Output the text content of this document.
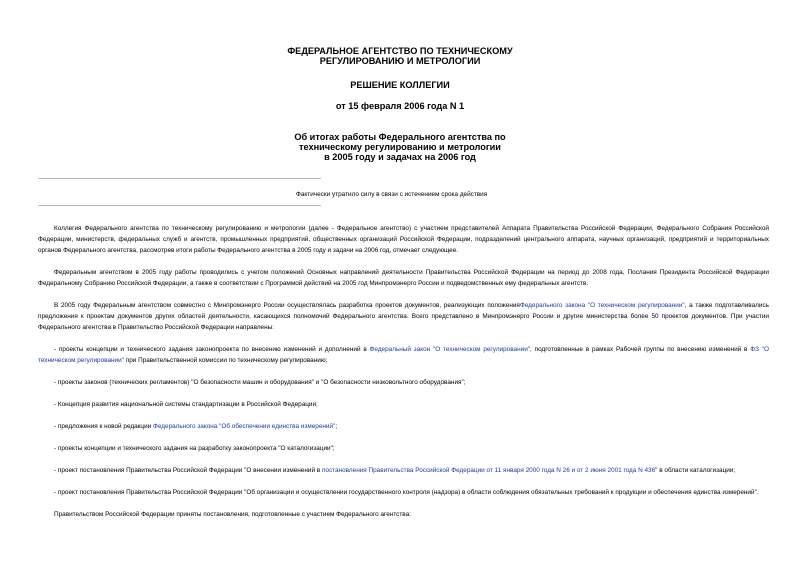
ФЕДЕРАЛЬНОЕ АГЕНТСТВО ПО ТЕХНИЧЕСКОМУ
РЕГУЛИРОВАНИЮ И МЕТРОЛОГИИ
РЕШЕНИЕ КОЛЛЕГИИ
от 15 февраля 2006 года N 1
Об итогах работы Федерального агентства по
техническому регулированию и метрологии
в 2005 году и задачах на 2006 год
Фактически утратило силу в связи с истечением срока действия

Коллегия Федерального агентства по техническому регулированию и метрологии (далее - Федеральное агентство) с участием представителей Аппарата Правительства Российской Федерации, Федерального Собрания Российской Федерации, министерств, федеральных служб и агентств, промышленных предприятий, общественных организаций Российской Федерации, подразделений центрального аппарата, научных организаций, предприятий и территориальных органов Федерального агентства, рассмотрев итоги работы Федерального агентства в 2005 году и задачи на 2006 год, отмечает следующее.

Федеральным агентством в 2005 году работы проводились с учетом положений Основных направлений деятельности Правительства Российской Федерации на период до 2008 года, Послания Президента Российской Федерации Федеральному Собранию Российской Федерации, а также в соответствии с Программой действий на 2005 год Минпромэнерго России и подведомственных ему федеральных агентств.

В 2005 году Федеральным агентством совместно с Минпромэнерго России осуществлялась разработка проектов документов, реализующих положенияФедерального закона "О техническом регулировании", а также подготавливались предложения к проектам документов других областей деятельности, касающихся полномочий Федерального агентства. Всего представлено в Минпромэнерго России и другие министерства более 50 проектов документов. При участии Федерального агентства в Правительство Российской Федерации направлены:

- проекты концепции и технического задания законопроекта по внесению изменений и дополнений в Федеральный закон "О техническом регулировании", подготовленные в рамках Рабочей группы по внесению изменений в ФЗ "О техническом регулировании" при Правительственной комиссии по техническому регулированию;

- проекты законов (технических регламентов) "О безопасности машин и оборудования" и "О безопасности низковольтного оборудования";

- Концепция развития национальной системы стандартизации в Российской Федерации;

- предложения к новой редакции Федерального закона "Об обеспечении единства измерений";

- проекты концепции и технического задания на разработку законопроекта "О каталогизации";

- проект постановления Правительства Российской Федерации "О внесении изменений в постановления Правительства Российской Федерации от 11 января 2000 года N 26 и от 2 июня 2001 года N 436" в области каталогизации;

- проект постановления Правительства Российской Федерации "Об организации и осуществлении государственного контроля (надзора) в области соблюдения обязательных требований к продукции и обеспечения единства измерений".

Правительством Российской Федерации приняты постановления, подготовленные с участием Федерального агентства:
